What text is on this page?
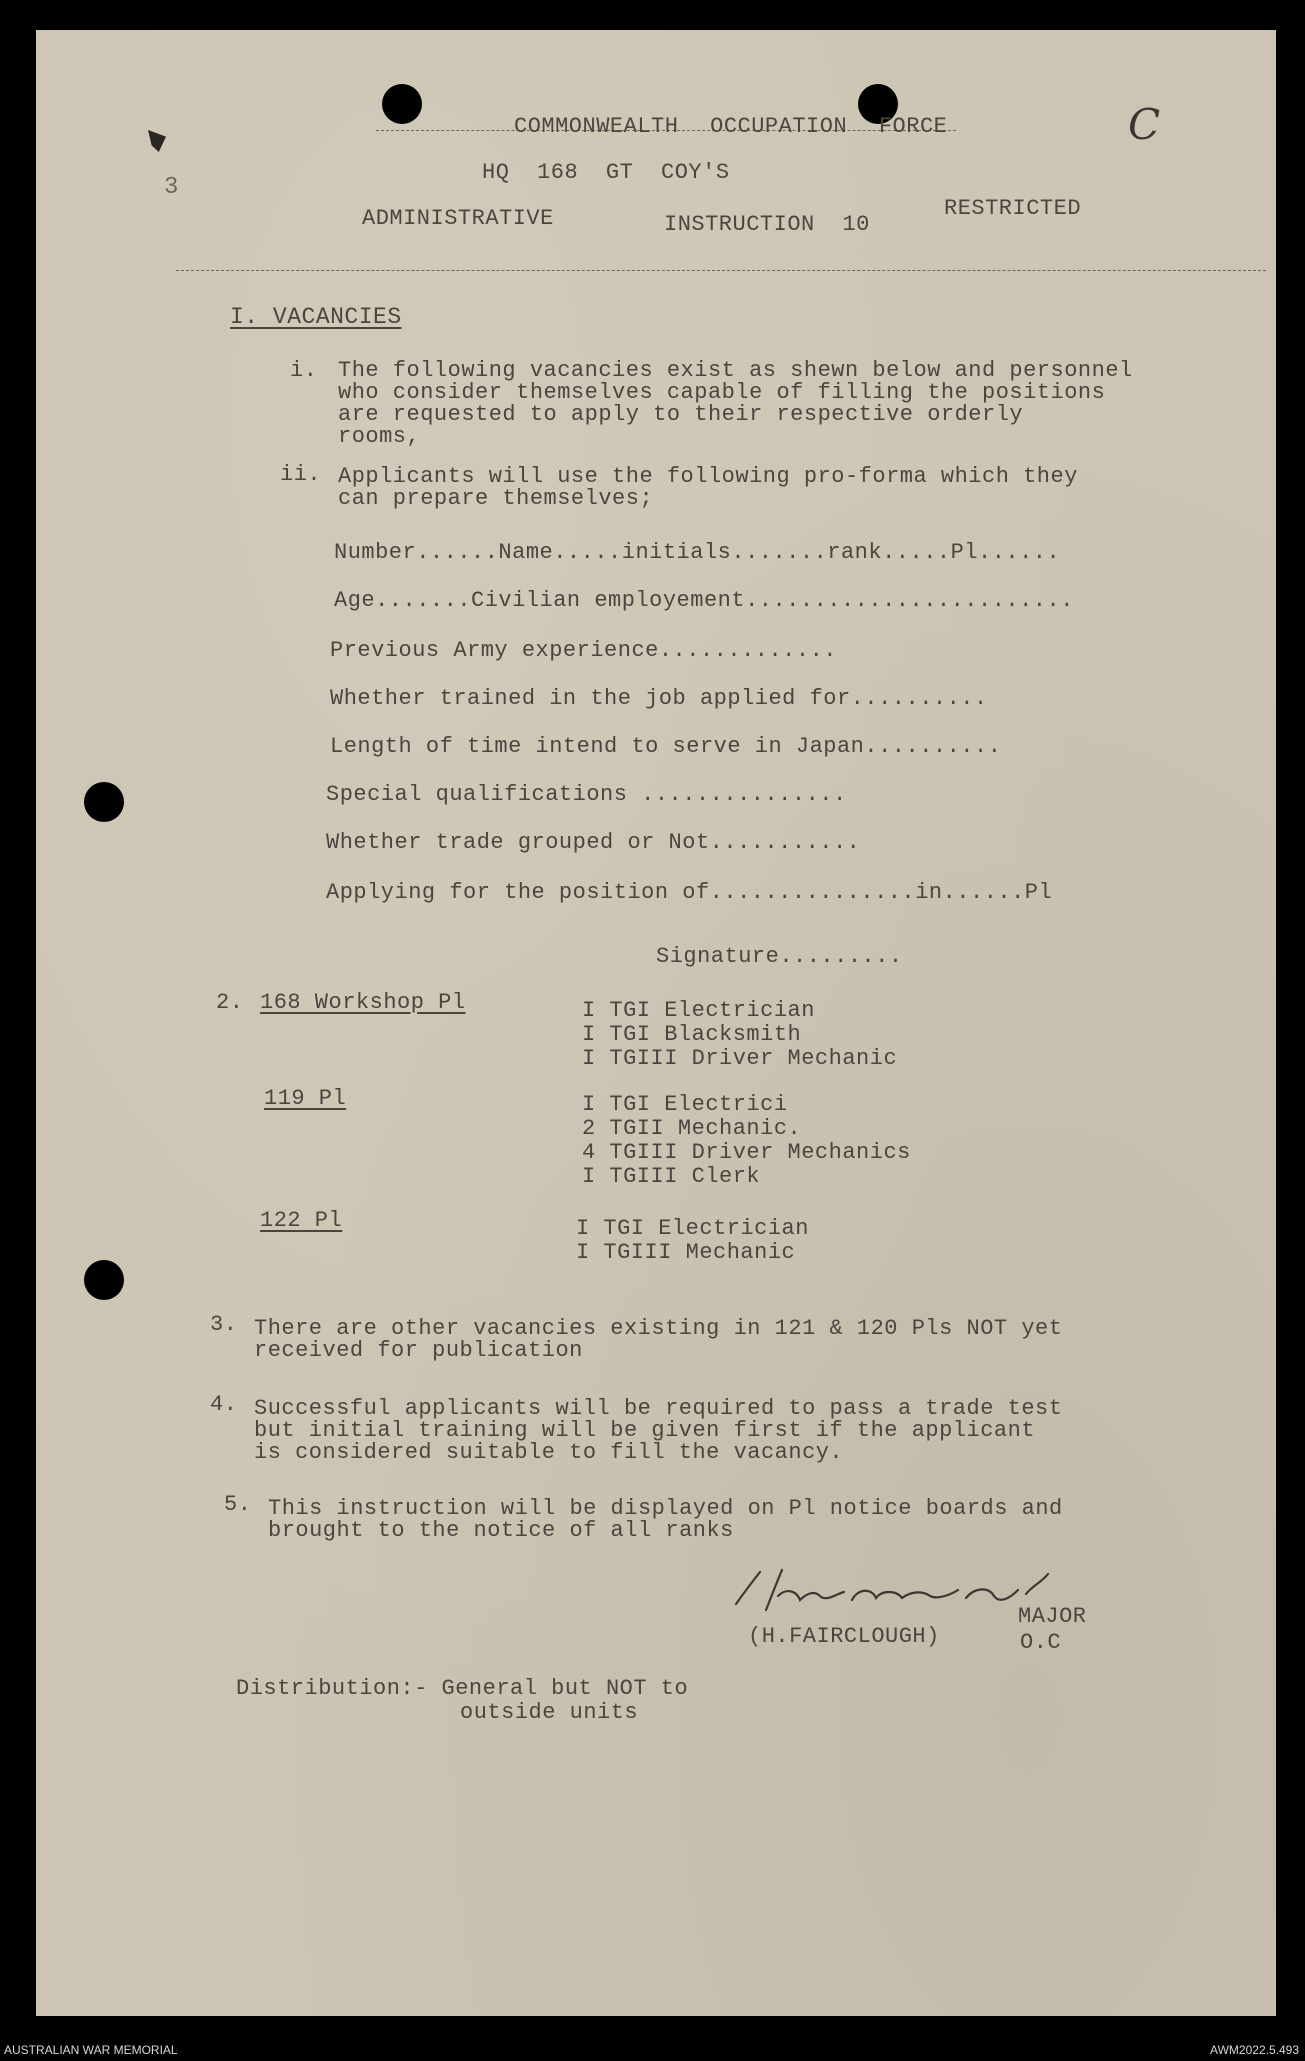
3
COMMONWEALTH OCCUPATION FORCE	C
HQ 168 GT COY'S
ADMINISTRATIVE	INSTRUCTION 10
RESTRICTED
I. VACANCIES
i. The following vacancies exist as shewn below and personnel
who consider themselves capable of filling the positions
are requested to apply to their respective orderly
rooms,
ii. Applicants will use the following pro-forma which they
can prepare themselves;
Number......Name.....initials.......rank.....Pl......
Age.......Civilian employement........................
Previous Army experience.............
Whether trained in the job applied for..........
Length of time intend to serve in Japan..........
Special qualifications ...............
Whether trade grouped or Not...........
Applying for the position of...............in......Pl
Signature.........
2. 168 Workshop Pl	I TGI Electrician
I TGI Blacksmith
I TGIII Driver Mechanic
119 Pl	I TGI Electrici
2 TGII Mechanic.
4 TGIII Driver Mechanics
I TGIII Clerk
122 Pl	I TGI Electrician
I TGIII Mechanic
3. There are other vacancies existing in 121 & 120 Pls NOT yet
received for publication
4. Successful applicants will be required to pass a trade test
but initial training will be given first if the applicant
is considered suitable to fill the vacancy.
5. This instruction will be displayed on Pl notice boards and
brought to the notice of all ranks
(H.FAIRCLOUGH)
MAJOR
O.C
Distribution:- General but NOT to
outside units
AUSTRALIAN WAR MEMORIAL	AWM2022.5.493
